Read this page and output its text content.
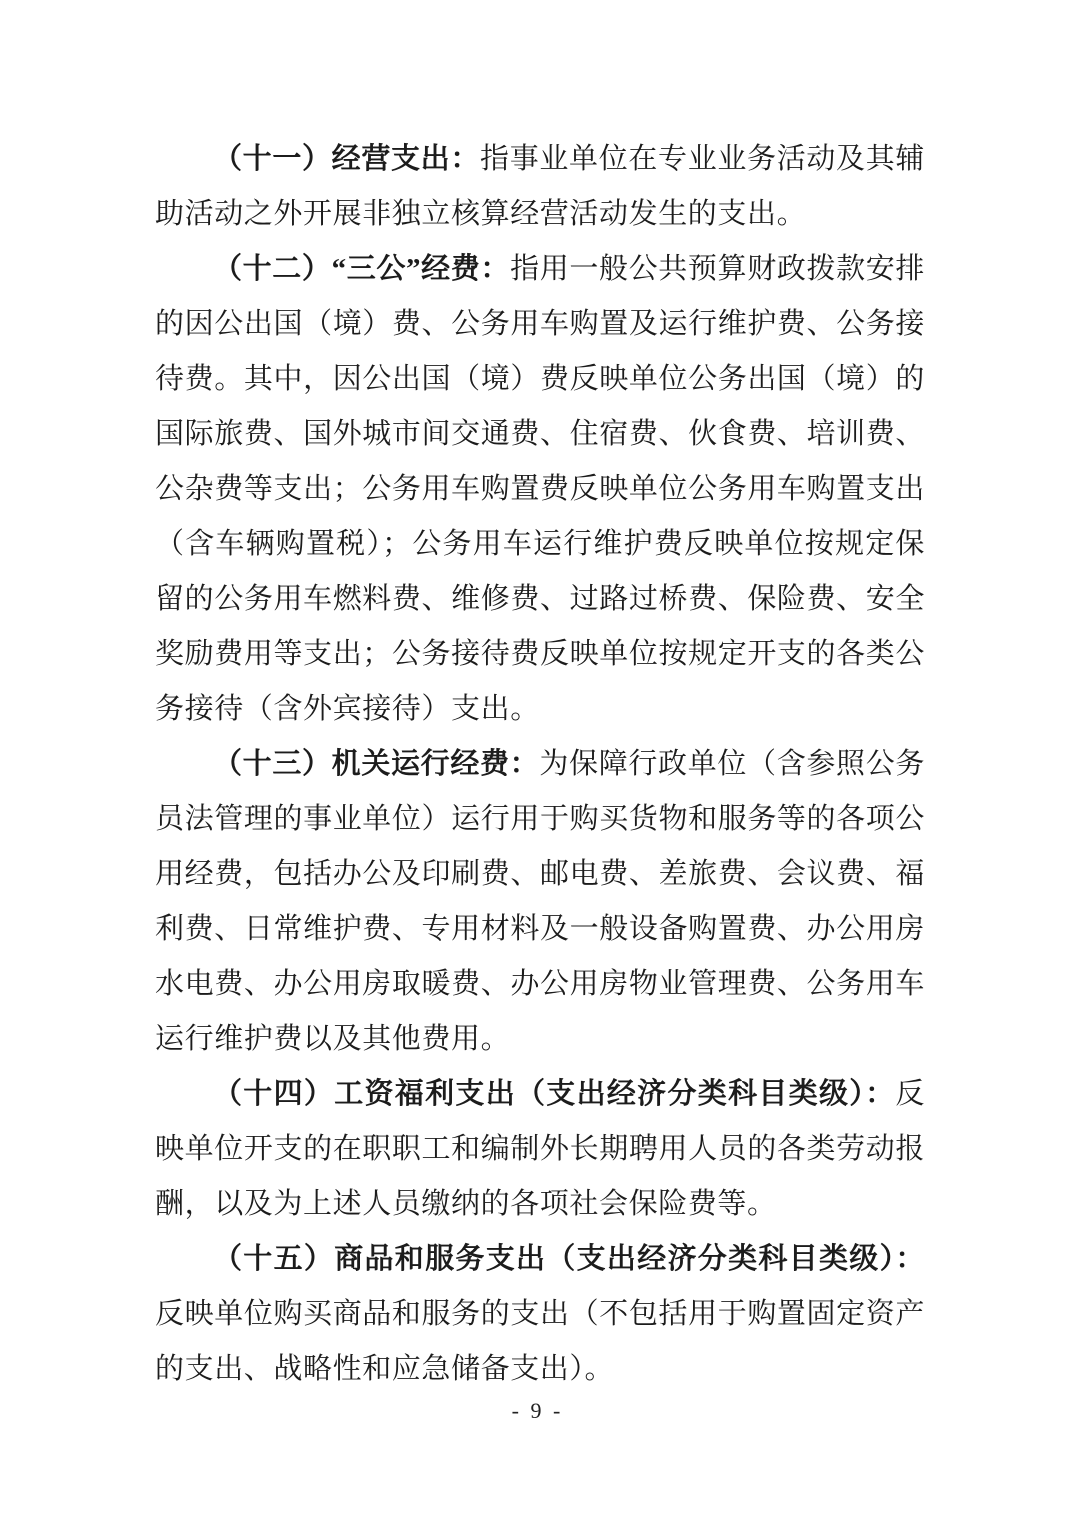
（十一）经营支出：指事业单位在专业业务活动及其辅助活动之外开展非独立核算经营活动发生的支出。

（十二）“三公”经费：指用一般公共预算财政拨款安排的因公出国（境）费、公务用车购置及运行维护费、公务接待费。其中，因公出国（境）费反映单位公务出国（境）的国际旅费、国外城市间交通费、住宿费、伙食费、培训费、公杂费等支出；公务用车购置费反映单位公务用车购置支出（含车辆购置税）；公务用车运行维护费反映单位按规定保留的公务用车燃料费、维修费、过路过桥费、保险费、安全奖励费用等支出；公务接待费反映单位按规定开支的各类公务接待（含外宾接待）支出。

（十三）机关运行经费：为保障行政单位（含参照公务员法管理的事业单位）运行用于购买货物和服务等的各项公用经费，包括办公及印刷费、邮电费、差旅费、会议费、福利费、日常维护费、专用材料及一般设备购置费、办公用房水电费、办公用房取暖费、办公用房物业管理费、公务用车运行维护费以及其他费用。

（十四）工资福利支出（支出经济分类科目类级）：反映单位开支的在职职工和编制外长期聘用人员的各类劳动报酬，以及为上述人员缴纳的各项社会保险费等。

（十五）商品和服务支出（支出经济分类科目类级）：反映单位购买商品和服务的支出（不包括用于购置固定资产的支出、战略性和应急储备支出）。

- 9 -
